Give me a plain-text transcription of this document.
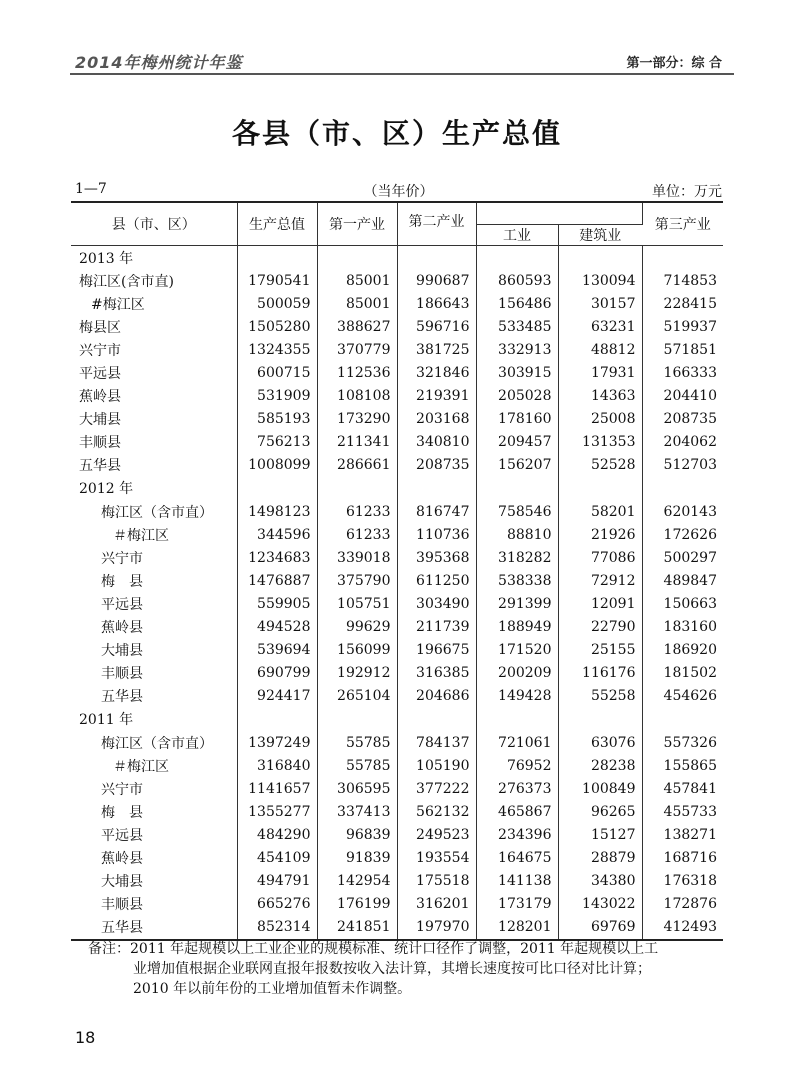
2014年梅州统计年鉴	第一部分：综 合
各县（市、区）生产总值
1—7	（当年价）	单位：万元
县（市、区）	生产总值	第一产业	第二产业			第三产业
				工业	建筑业	
2013 年						
梅江区(含市直)	1790541	85001	990687	860593	130094	714853
#梅江区	500059	85001	186643	156486	30157	228415
梅县区	1505280	388627	596716	533485	63231	519937
兴宁市	1324355	370779	381725	332913	48812	571851
平远县	600715	112536	321846	303915	17931	166333
蕉岭县	531909	108108	219391	205028	14363	204410
大埔县	585193	173290	203168	178160	25008	208735
丰顺县	756213	211341	340810	209457	131353	204062
五华县	1008099	286661	208735	156207	52528	512703
2012 年						
梅江区（含市直）	1498123	61233	816747	758546	58201	620143
＃梅江区	344596	61233	110736	88810	21926	172626
兴宁市	1234683	339018	395368	318282	77086	500297
梅　县	1476887	375790	611250	538338	72912	489847
平远县	559905	105751	303490	291399	12091	150663
蕉岭县	494528	99629	211739	188949	22790	183160
大埔县	539694	156099	196675	171520	25155	186920
丰顺县	690799	192912	316385	200209	116176	181502
五华县	924417	265104	204686	149428	55258	454626
2011 年						
梅江区（含市直）	1397249	55785	784137	721061	63076	557326
＃梅江区	316840	55785	105190	76952	28238	155865
兴宁市	1141657	306595	377222	276373	100849	457841
梅　县	1355277	337413	562132	465867	96265	455733
平远县	484290	96839	249523	234396	15127	138271
蕉岭县	454109	91839	193554	164675	28879	168716
大埔县	494791	142954	175518	141138	34380	176318
丰顺县	665276	176199	316201	173179	143022	172876
五华县	852314	241851	197970	128201	69769	412493
备注：2011 年起规模以上工业企业的规模标准、统计口径作了调整，2011 年起规模以上工
业增加值根据企业联网直报年报数按收入法计算，其增长速度按可比口径对比计算；
2010 年以前年份的工业增加值暂未作调整。
18
